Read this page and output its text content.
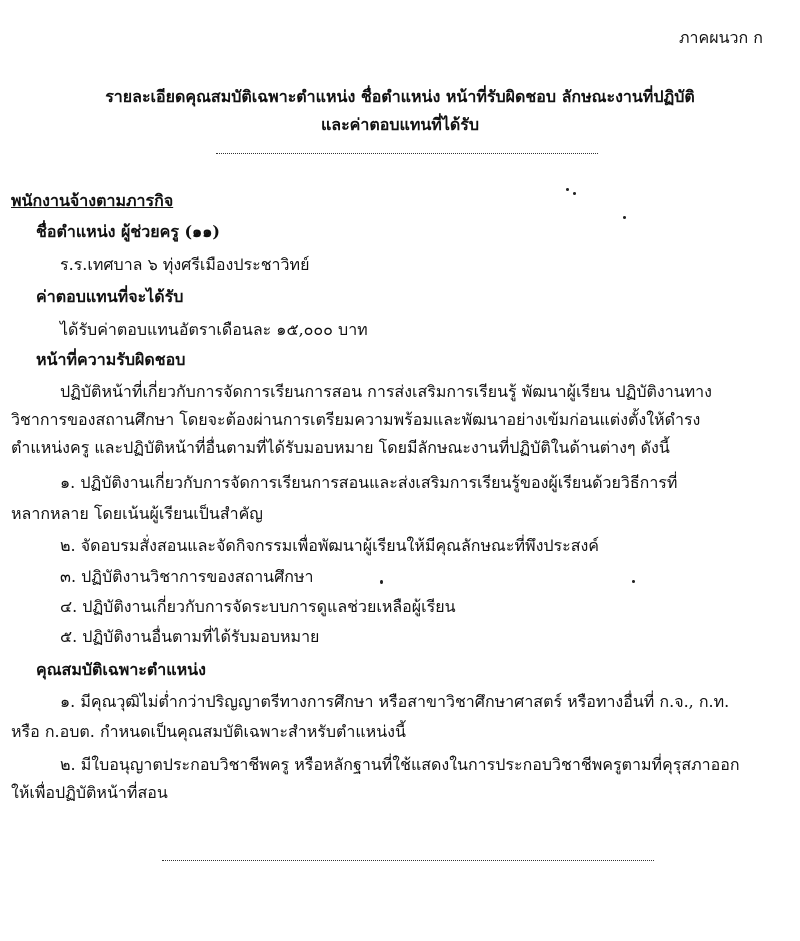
ภาคผนวก ก
รายละเอียดคุณสมบัติเฉพาะตำแหน่ง ชื่อตำแหน่ง หน้าที่รับผิดชอบ ลักษณะงานที่ปฏิบัติ
และค่าตอบแทนที่ได้รับ
พนักงานจ้างตามภารกิจ
ชื่อตำแหน่ง ผู้ช่วยครู (๑๑)
ร.ร.เทศบาล ๖ ทุ่งศรีเมืองประชาวิทย์
ค่าตอบแทนที่จะได้รับ
ได้รับค่าตอบแทนอัตราเดือนละ ๑๕,๐๐๐ บาท
หน้าที่ความรับผิดชอบ
ปฏิบัติหน้าที่เกี่ยวกับการจัดการเรียนการสอน การส่งเสริมการเรียนรู้ พัฒนาผู้เรียน ปฏิบัติงานทาง
วิชาการของสถานศึกษา โดยจะต้องผ่านการเตรียมความพร้อมและพัฒนาอย่างเข้มก่อนแต่งตั้งให้ดำรง
ตำแหน่งครู และปฏิบัติหน้าที่อื่นตามที่ได้รับมอบหมาย โดยมีลักษณะงานที่ปฏิบัติในด้านต่างๆ ดังนี้
๑. ปฏิบัติงานเกี่ยวกับการจัดการเรียนการสอนและส่งเสริมการเรียนรู้ของผู้เรียนด้วยวิธีการที่
หลากหลาย โดยเน้นผู้เรียนเป็นสำคัญ
๒. จัดอบรมสั่งสอนและจัดกิจกรรมเพื่อพัฒนาผู้เรียนให้มีคุณลักษณะที่พึงประสงค์
๓. ปฏิบัติงานวิชาการของสถานศึกษา
๔. ปฏิบัติงานเกี่ยวกับการจัดระบบการดูแลช่วยเหลือผู้เรียน
๕. ปฏิบัติงานอื่นตามที่ได้รับมอบหมาย
คุณสมบัติเฉพาะตำแหน่ง
๑. มีคุณวุฒิไม่ต่ำกว่าปริญญาตรีทางการศึกษา หรือสาขาวิชาศึกษาศาสตร์ หรือทางอื่นที่ ก.จ., ก.ท.
หรือ ก.อบต. กำหนดเป็นคุณสมบัติเฉพาะสำหรับตำแหน่งนี้
๒. มีใบอนุญาตประกอบวิชาชีพครู หรือหลักฐานที่ใช้แสดงในการประกอบวิชาชีพครูตามที่คุรุสภาออก
ให้เพื่อปฏิบัติหน้าที่สอน
